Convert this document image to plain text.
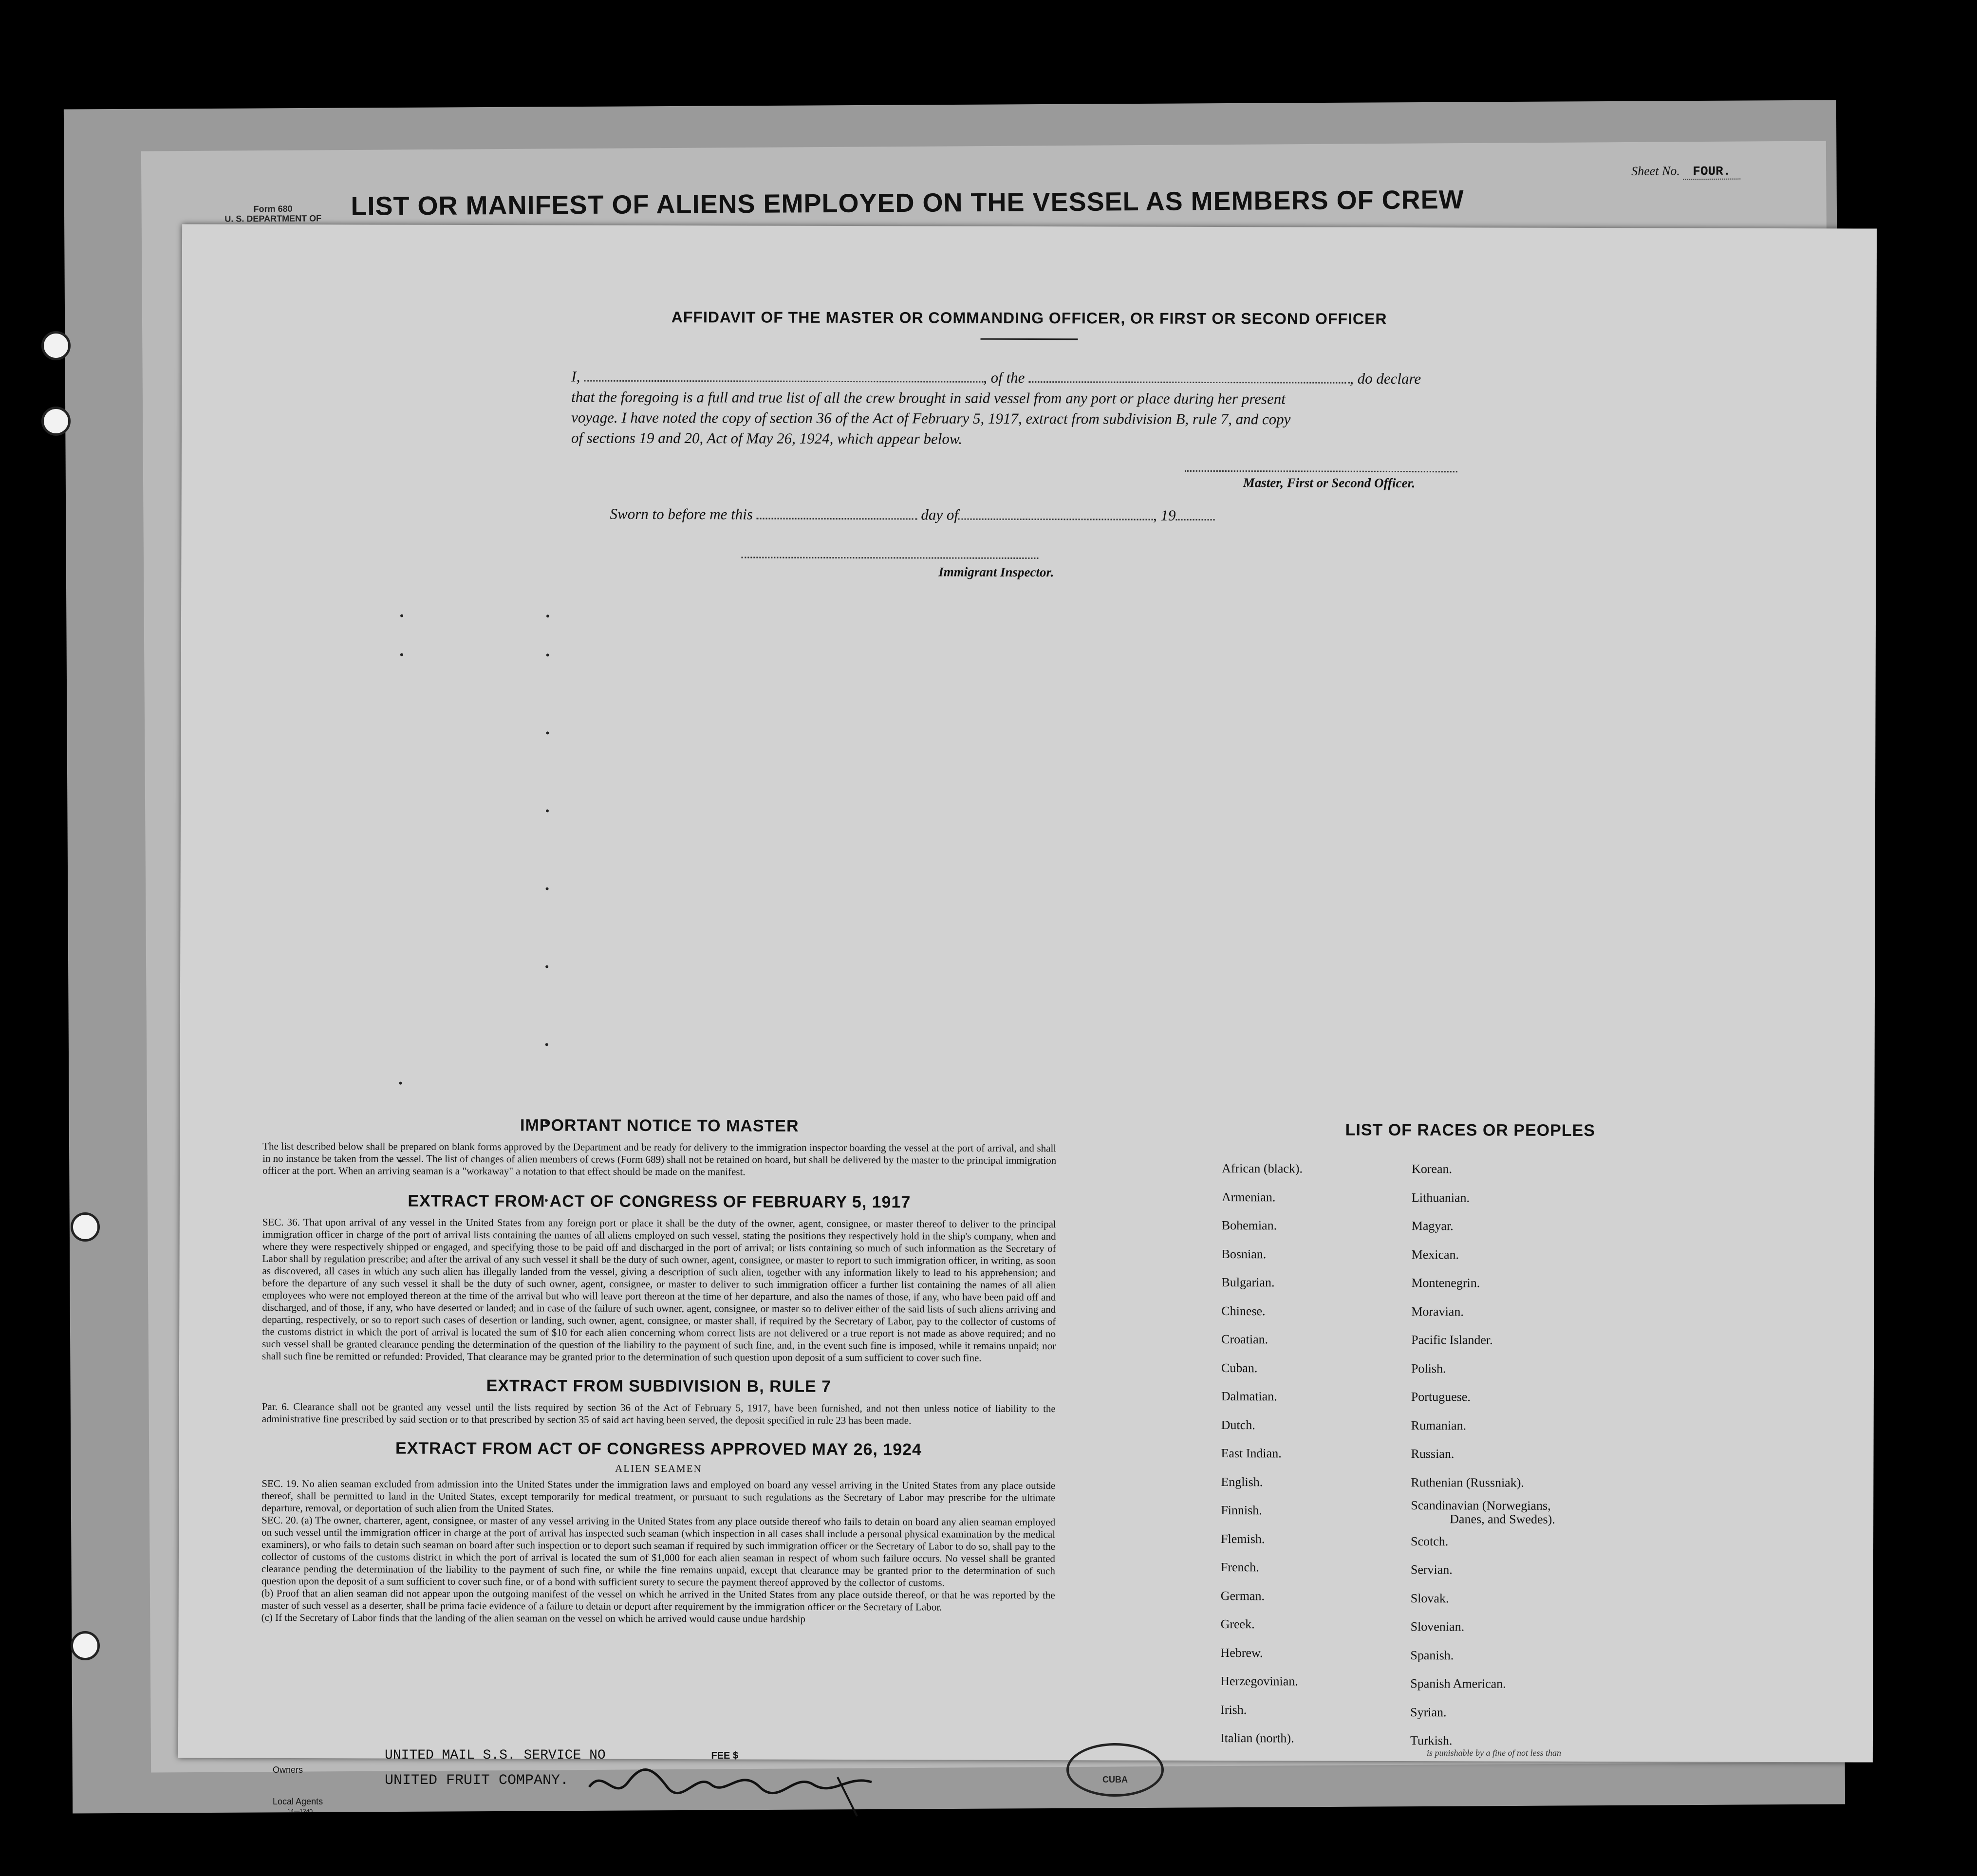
Form 680
U. S. DEPARTMENT OF	LIST OR MANIFEST OF ALIENS EMPLOYED ON THE VESSEL AS MEMBERS OF CREW
Sheet No. FOUR.
AFFIDAVIT OF THE MASTER OR COMMANDING OFFICER, OR FIRST OR SECOND OFFICER
I,	, of the	, do declare
that the foregoing is a full and true list of all the crew brought in said vessel from any port or place during her present
voyage. I have noted the copy of section 36 of the Act of February 5, 1917, extract from subdivision B, rule 7, and copy
of sections 19 and 20, Act of May 26, 1924, which appear below.
Master, First or Second Officer.
Sworn to before me this	day of	, 19
Immigrant Inspector.
IMPORTANT NOTICE TO MASTER
The list described below shall be prepared on blank forms approved by the Department and be ready for delivery to the immigration inspector boarding the vessel at the port of arrival, and shall in no instance be taken from the vessel. The list of changes of alien members of crews (Form 689) shall not be retained on board, but shall be delivered by the master to the principal immigration officer at the port. When an arriving seaman is a "workaway" a notation to that effect should be made on the manifest.
EXTRACT FROM ACT OF CONGRESS OF FEBRUARY 5, 1917
SEC. 36. That upon arrival of any vessel in the United States from any foreign port or place it shall be the duty of the owner, agent, consignee, or master thereof to deliver to the principal immigration officer in charge of the port of arrival lists containing the names of all aliens employed on such vessel, stating the positions they respectively hold in the ship's company, when and where they were respectively shipped or engaged, and specifying those to be paid off and discharged in the port of arrival; or lists containing so much of such information as the Secretary of Labor shall by regulation prescribe; and after the arrival of any such vessel it shall be the duty of such owner, agent, consignee, or master to report to such immigration officer, in writing, as soon as discovered, all cases in which any such alien has illegally landed from the vessel, giving a description of such alien, together with any information likely to lead to his apprehension; and before the departure of any such vessel it shall be the duty of such owner, agent, consignee, or master to deliver to such immigration officer a further list containing the names of all alien employees who were not employed thereon at the time of the arrival but who will leave port thereon at the time of her departure, and also the names of those, if any, who have been paid off and discharged, and of those, if any, who have deserted or landed; and in case of the failure of such owner, agent, consignee, or master so to deliver either of the said lists of such aliens arriving and departing, respectively, or so to report such cases of desertion or landing, such owner, agent, consignee, or master shall, if required by the Secretary of Labor, pay to the collector of customs of the customs district in which the port of arrival is located the sum of $10 for each alien concerning whom correct lists are not delivered or a true report is not made as above required; and no such vessel shall be granted clearance pending the determination of the question of the liability to the payment of such fine, and, in the event such fine is imposed, while it remains unpaid; nor shall such fine be remitted or refunded: Provided, That clearance may be granted prior to the determination of such question upon deposit of a sum sufficient to cover such fine.
EXTRACT FROM SUBDIVISION B, RULE 7
Par. 6. Clearance shall not be granted any vessel until the lists required by section 36 of the Act of February 5, 1917, have been furnished, and not then unless notice of liability to the administrative fine prescribed by said section or to that prescribed by section 35 of said act having been served, the deposit specified in rule 23 has been made.
EXTRACT FROM ACT OF CONGRESS APPROVED MAY 26, 1924
ALIEN SEAMEN
SEC. 19. No alien seaman excluded from admission into the United States under the immigration laws and employed on board any vessel arriving in the United States from any place outside thereof, shall be permitted to land in the United States, except temporarily for medical treatment, or pursuant to such regulations as the Secretary of Labor may prescribe for the ultimate departure, removal, or deportation of such alien from the United States.
SEC. 20. (a) The owner, charterer, agent, consignee, or master of any vessel arriving in the United States from any place outside thereof who fails to detain on board any alien seaman employed on such vessel until the immigration officer in charge at the port of arrival has inspected such seaman (which inspection in all cases shall include a personal physical examination by the medical examiners), or who fails to detain such seaman on board after such inspection or to deport such seaman if required by such immigration officer or the Secretary of Labor to do so, shall pay to the collector of customs of the customs district in which the port of arrival is located the sum of $1,000 for each alien seaman in respect of whom such failure occurs. No vessel shall be granted clearance pending the determination of the liability to the payment of such fine, or while the fine remains unpaid, except that clearance may be granted prior to the determination of such question upon the deposit of a sum sufficient to cover such fine, or of a bond with sufficient surety to secure the payment thereof approved by the collector of customs.
(b) Proof that an alien seaman did not appear upon the outgoing manifest of the vessel on which he arrived in the United States from any place outside thereof, or that he was reported by the master of such vessel as a deserter, shall be prima facie evidence of a failure to detain or deport after requirement by the immigration officer or the Secretary of Labor.
(c) If the Secretary of Labor finds that the landing of the alien seaman on the vessel on which he arrived would cause undue hardship
LIST OF RACES OR PEOPLES
African (black).
Armenian.
Bohemian.
Bosnian.
Bulgarian.
Chinese.
Croatian.
Cuban.
Dalmatian.
Dutch.
East Indian.
English.
Finnish.
Flemish.
French.
German.
Greek.
Hebrew.
Herzegovinian.
Irish.
Italian (north).
Korean.
Lithuanian.
Magyar.
Mexican.
Montenegrin.
Moravian.
Pacific Islander.
Polish.
Portuguese.
Rumanian.
Russian.
Ruthenian (Russniak).
Scandinavian (Norwegians,
Danes, and Swedes).
Scotch.
Servian.
Slovak.
Slovenian.
Spanish.
Spanish American.
Syrian.
Turkish.
UNITED MAIL S.S. SERVICE NO	FEE $
Owners
UNITED FRUIT COMPANY.
Local Agents
14—1240
CUBA
is punishable by a fine of not less than
